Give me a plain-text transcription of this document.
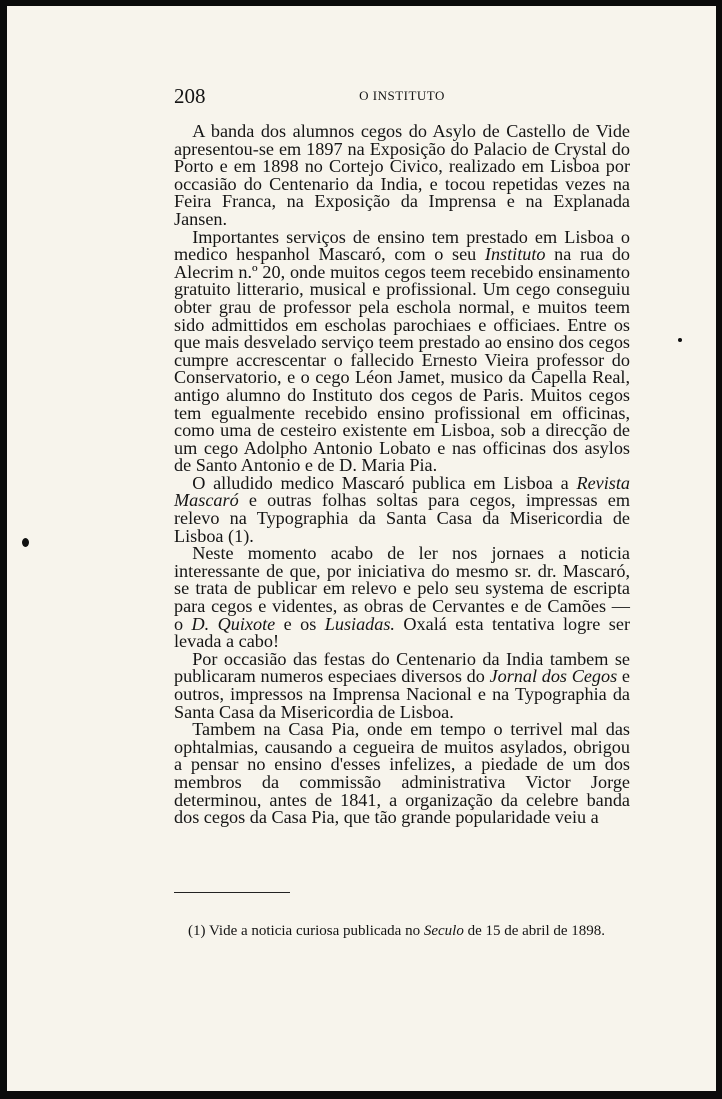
208	O INSTITUTO

A banda dos alumnos cegos do Asylo de Castello de Vide apresentou-se em 1897 na Exposição do Palacio de Crystal do Porto e em 1898 no Cortejo Civico, realizado em Lisboa por occasião do Centenario da India, e tocou repetidas vezes na Feira Franca, na Exposição da Imprensa e na Explanada Jansen.

Importantes serviços de ensino tem prestado em Lisboa o medico hespanhol Mascaró, com o seu Instituto na rua do Alecrim n.º 20, onde muitos cegos teem recebido ensinamento gratuito litterario, musical e profissional. Um cego conseguiu obter grau de professor pela eschola normal, e muitos teem sido admittidos em escholas parochiaes e officiaes. Entre os que mais desvelado serviço teem prestado ao ensino dos cegos cumpre accrescentar o fallecido Ernesto Vieira professor do Conservatorio, e o cego Léon Jamet, musico da Capella Real, antigo alumno do Instituto dos cegos de Paris. Muitos cegos tem egualmente recebido ensino profissional em officinas, como uma de cesteiro existente em Lisboa, sob a direcção de um cego Adolpho Antonio Lobato e nas officinas dos asylos de Santo Antonio e de D. Maria Pia.

O alludido medico Mascaró publica em Lisboa a Revista Mascaró e outras folhas soltas para cegos, impressas em relevo na Typographia da Santa Casa da Misericordia de Lisboa (1).

Neste momento acabo de ler nos jornaes a noticia interessante de que, por iniciativa do mesmo sr. dr. Mascaró, se trata de publicar em relevo e pelo seu systema de escripta para cegos e videntes, as obras de Cervantes e de Camões — o D. Quixote e os Lusiadas. Oxalá esta tentativa logre ser levada a cabo!

Por occasião das festas do Centenario da India tambem se publicaram numeros especiaes diversos do Jornal dos Cegos e outros, impressos na Imprensa Nacional e na Typographia da Santa Casa da Misericordia de Lisboa.

Tambem na Casa Pia, onde em tempo o terrivel mal das ophtalmias, causando a cegueira de muitos asylados, obrigou a pensar no ensino d'esses infelizes, a piedade de um dos membros da commissão administrativa Victor Jorge determinou, antes de 1841, a organização da celebre banda dos cegos da Casa Pia, que tão grande popularidade veiu a

(1) Vide a noticia curiosa publicada no Seculo de 15 de abril de 1898.
